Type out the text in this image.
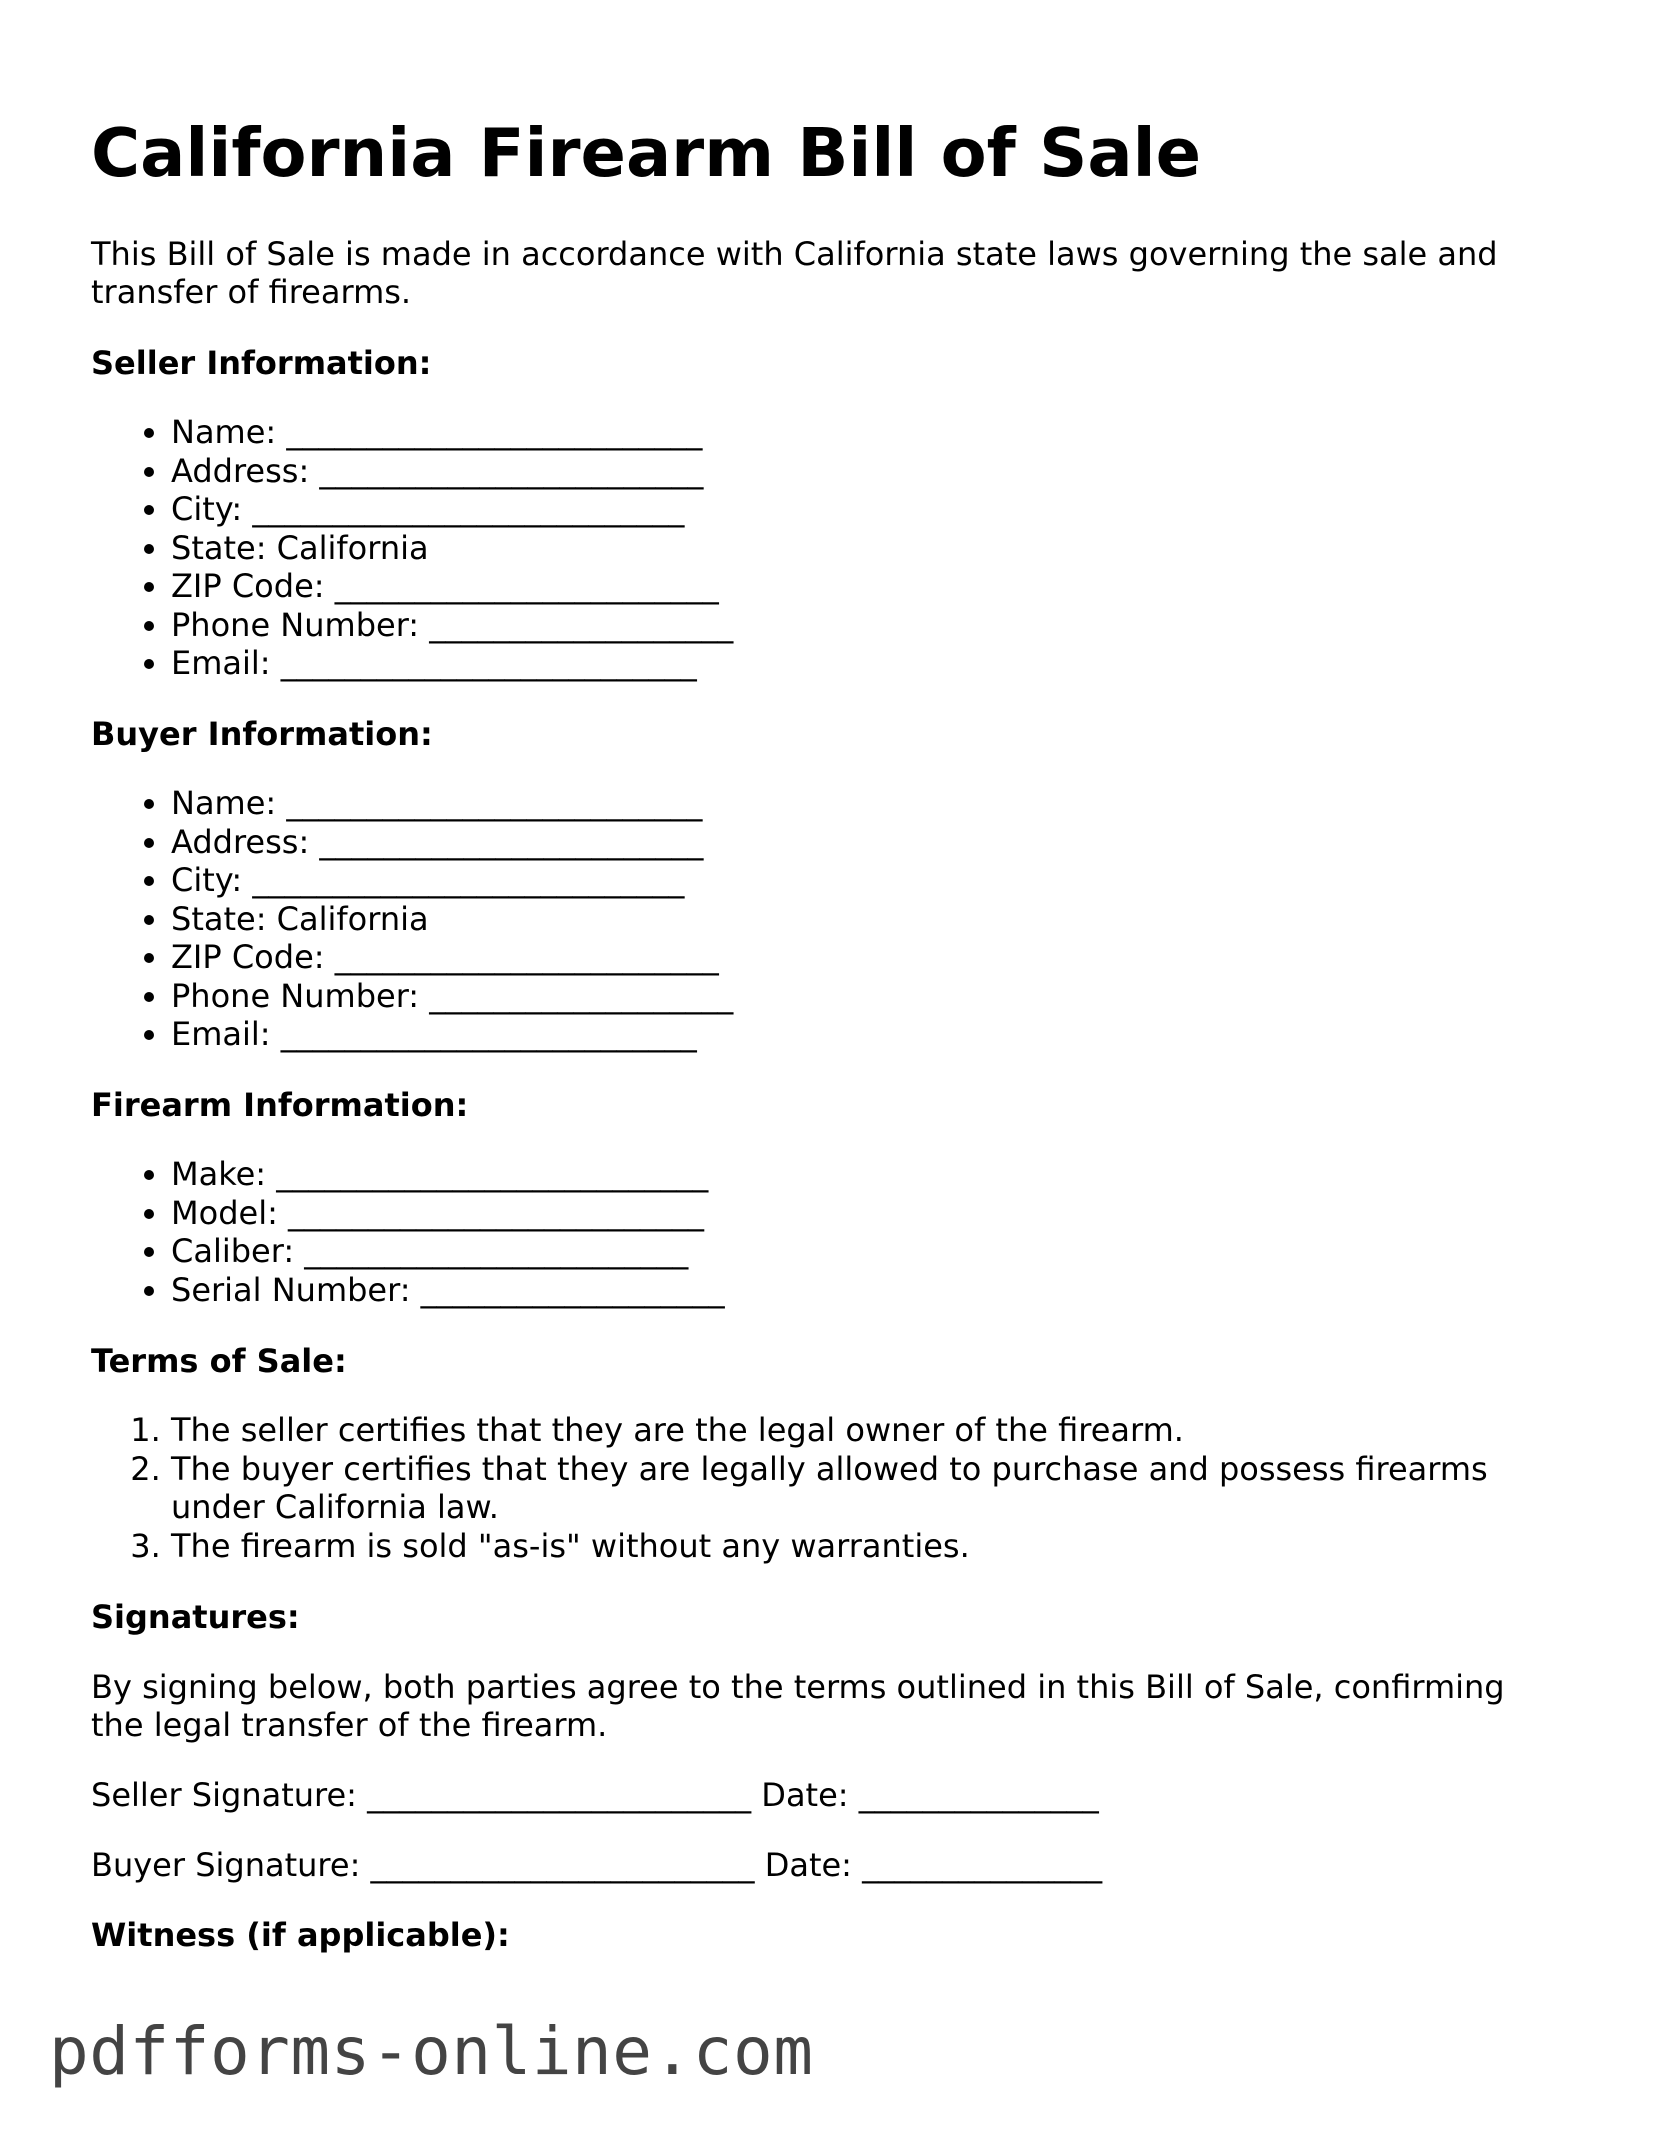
California Firearm Bill of Sale

This Bill of Sale is made in accordance with California state laws governing the sale and transfer of firearms.

Seller Information:

• Name: __________________________
• Address: ________________________
• City: ___________________________
• State: California
• ZIP Code: ________________________
• Phone Number: ___________________
• Email: __________________________

Buyer Information:

• Name: __________________________
• Address: ________________________
• City: ___________________________
• State: California
• ZIP Code: ________________________
• Phone Number: ___________________
• Email: __________________________

Firearm Information:

• Make: ___________________________
• Model: __________________________
• Caliber: ________________________
• Serial Number: ___________________

Terms of Sale:

1. The seller certifies that they are the legal owner of the firearm.
2. The buyer certifies that they are legally allowed to purchase and possess firearms under California law.
3. The firearm is sold "as-is" without any warranties.

Signatures:

By signing below, both parties agree to the terms outlined in this Bill of Sale, confirming the legal transfer of the firearm.

Seller Signature: ________________________ Date: _______________

Buyer Signature: ________________________ Date: _______________

Witness (if applicable):

pdfforms-online.com
